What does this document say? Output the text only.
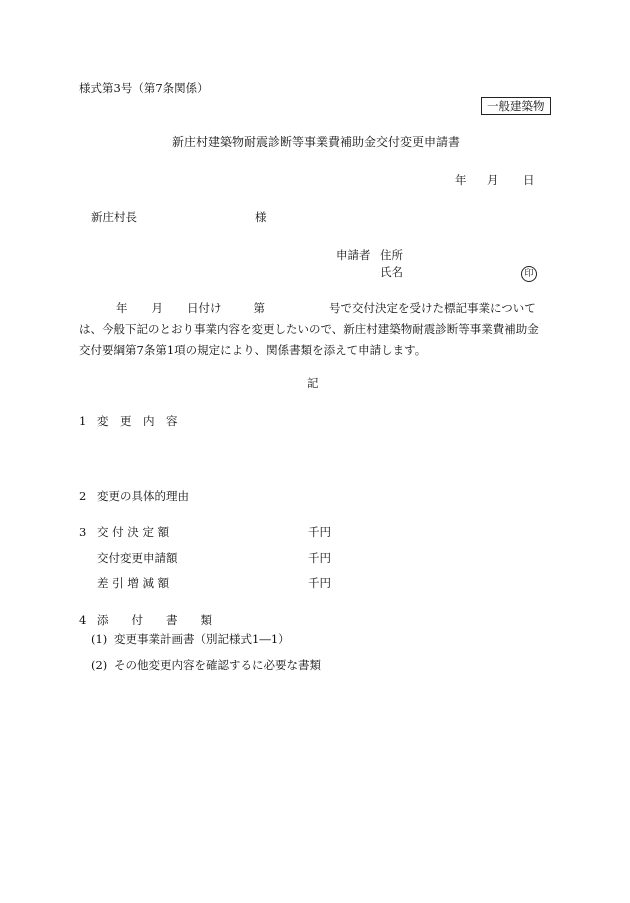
様式第3号（第7条関係）
一般建築物
新庄村建築物耐震診断等事業費補助金交付変更申請書
年 月 日
新庄村長	様
申請者 住所
氏名	印
年 月 日付け	第	号で交付決定を受けた標記事業について
は、今般下記のとおり事業内容を変更したいので、新庄村建築物耐震診断等事業費補助金
交付要綱第7条第1項の規定により、関係書類を添えて申請します。
記
1 変　更　内　容
2 変更の具体的理由
3 交 付 決 定 額	千円
交付変更申請額	千円
差 引 増 減 額	千円
4 添　　付　　書　　類
(1) 変更事業計画書（別記様式1―1）
(2) その他変更内容を確認するに必要な書類
